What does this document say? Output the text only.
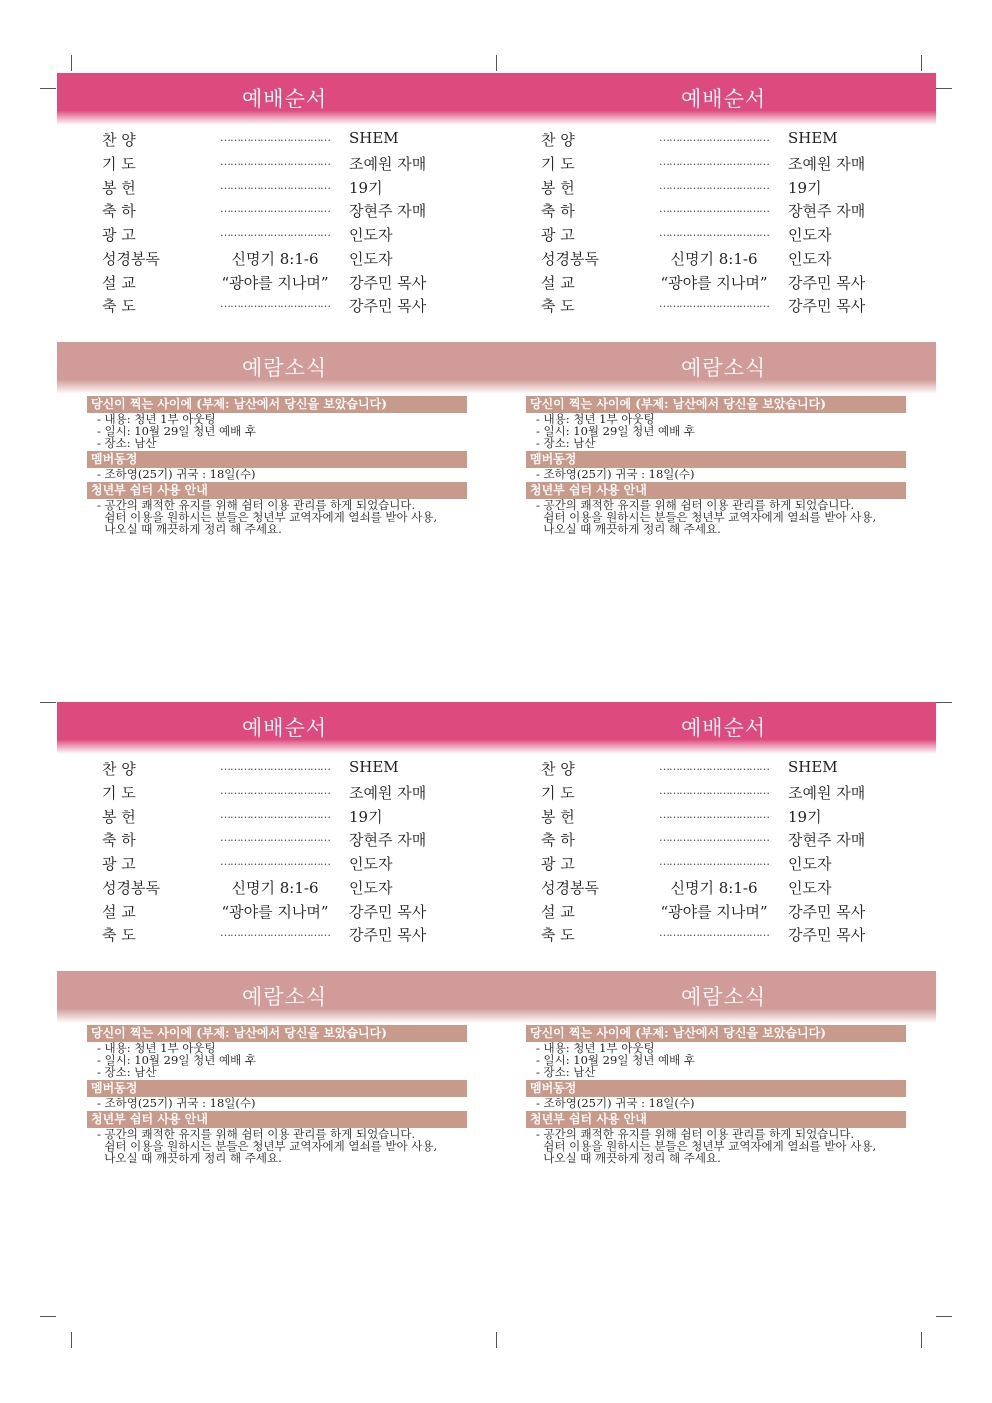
예배순서
찬 양	……………………………	SHEM
기 도	……………………………	조예원 자매
봉 헌	……………………………	19기
축 하	……………………………	장현주 자매
광 고	……………………………	인도자
성경봉독	신명기 8:1-6	인도자
설 교	“광야를 지나며”	강주민 목사
축 도	……………………………	강주민 목사
예람소식
당신이 찍는 사이에 (부제: 남산에서 당신을 보았습니다)
- 내용: 청년 1부 아웃팅
- 일시: 10월 29일 청년 예배 후
- 장소: 남산
멤버동정
- 조하영(25기) 귀국 : 18일(수)
청년부 쉼터 사용 안내
- 공간의 쾌적한 유지를 위해 쉼터 이용 관리를 하게 되었습니다.
쉼터 이용을 원하시는 분들은 청년부 교역자에게 열쇠를 받아 사용,
나오실 때 깨끗하게 정리 해 주세요.
예배순서
찬 양	……………………………	SHEM
기 도	……………………………	조예원 자매
봉 헌	……………………………	19기
축 하	……………………………	장현주 자매
광 고	……………………………	인도자
성경봉독	신명기 8:1-6	인도자
설 교	“광야를 지나며”	강주민 목사
축 도	……………………………	강주민 목사
예람소식
당신이 찍는 사이에 (부제: 남산에서 당신을 보았습니다)
- 내용: 청년 1부 아웃팅
- 일시: 10월 29일 청년 예배 후
- 장소: 남산
멤버동정
- 조하영(25기) 귀국 : 18일(수)
청년부 쉼터 사용 안내
- 공간의 쾌적한 유지를 위해 쉼터 이용 관리를 하게 되었습니다.
쉼터 이용을 원하시는 분들은 청년부 교역자에게 열쇠를 받아 사용,
나오실 때 깨끗하게 정리 해 주세요.
예배순서
찬 양	……………………………	SHEM
기 도	……………………………	조예원 자매
봉 헌	……………………………	19기
축 하	……………………………	장현주 자매
광 고	……………………………	인도자
성경봉독	신명기 8:1-6	인도자
설 교	“광야를 지나며”	강주민 목사
축 도	……………………………	강주민 목사
예람소식
당신이 찍는 사이에 (부제: 남산에서 당신을 보았습니다)
- 내용: 청년 1부 아웃팅
- 일시: 10월 29일 청년 예배 후
- 장소: 남산
멤버동정
- 조하영(25기) 귀국 : 18일(수)
청년부 쉼터 사용 안내
- 공간의 쾌적한 유지를 위해 쉼터 이용 관리를 하게 되었습니다.
쉼터 이용을 원하시는 분들은 청년부 교역자에게 열쇠를 받아 사용,
나오실 때 깨끗하게 정리 해 주세요.
예배순서
찬 양	……………………………	SHEM
기 도	……………………………	조예원 자매
봉 헌	……………………………	19기
축 하	……………………………	장현주 자매
광 고	……………………………	인도자
성경봉독	신명기 8:1-6	인도자
설 교	“광야를 지나며”	강주민 목사
축 도	……………………………	강주민 목사
예람소식
당신이 찍는 사이에 (부제: 남산에서 당신을 보았습니다)
- 내용: 청년 1부 아웃팅
- 일시: 10월 29일 청년 예배 후
- 장소: 남산
멤버동정
- 조하영(25기) 귀국 : 18일(수)
청년부 쉼터 사용 안내
- 공간의 쾌적한 유지를 위해 쉼터 이용 관리를 하게 되었습니다.
쉼터 이용을 원하시는 분들은 청년부 교역자에게 열쇠를 받아 사용,
나오실 때 깨끗하게 정리 해 주세요.
